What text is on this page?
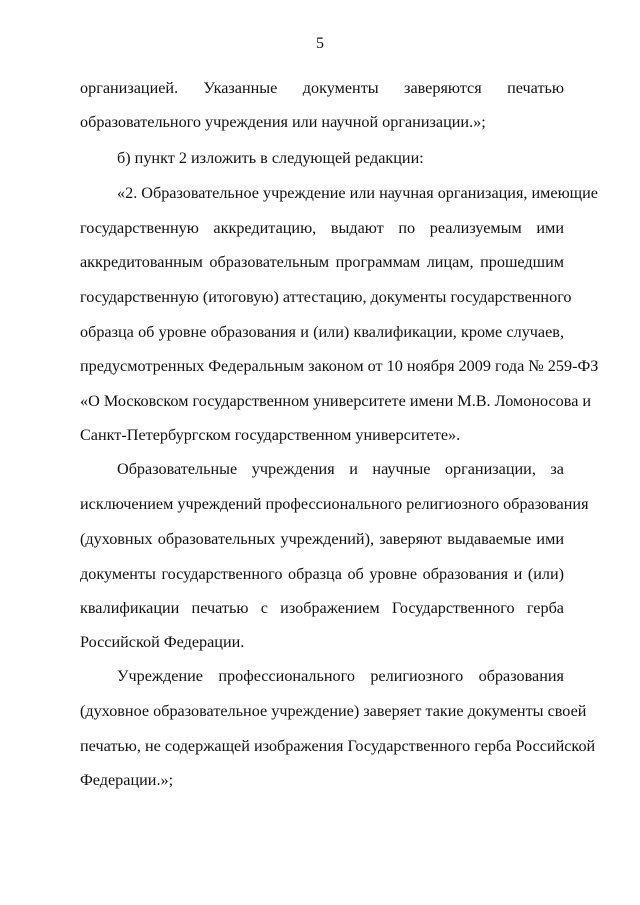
5
организацией. Указанные документы заверяются печатью
образовательного учреждения или научной организации.»;
б) пункт 2 изложить в следующей редакции:
«2. Образовательное учреждение или научная организация, имеющие
государственную аккредитацию, выдают по реализуемым ими
аккредитованным образовательным программам лицам, прошедшим
государственную (итоговую) аттестацию, документы государственного
образца об уровне образования и (или) квалификации, кроме случаев,
предусмотренных Федеральным законом от 10 ноября 2009 года № 259-ФЗ
«О Московском государственном университете имени М.В. Ломоносова и
Санкт-Петербургском государственном университете».
Образовательные учреждения и научные организации, за
исключением учреждений профессионального религиозного образования
(духовных образовательных учреждений), заверяют выдаваемые ими
документы государственного образца об уровне образования и (или)
квалификации печатью с изображением Государственного герба
Российской Федерации.
Учреждение профессионального религиозного образования
(духовное образовательное учреждение) заверяет такие документы своей
печатью, не содержащей изображения Государственного герба Российской
Федерации.»;
